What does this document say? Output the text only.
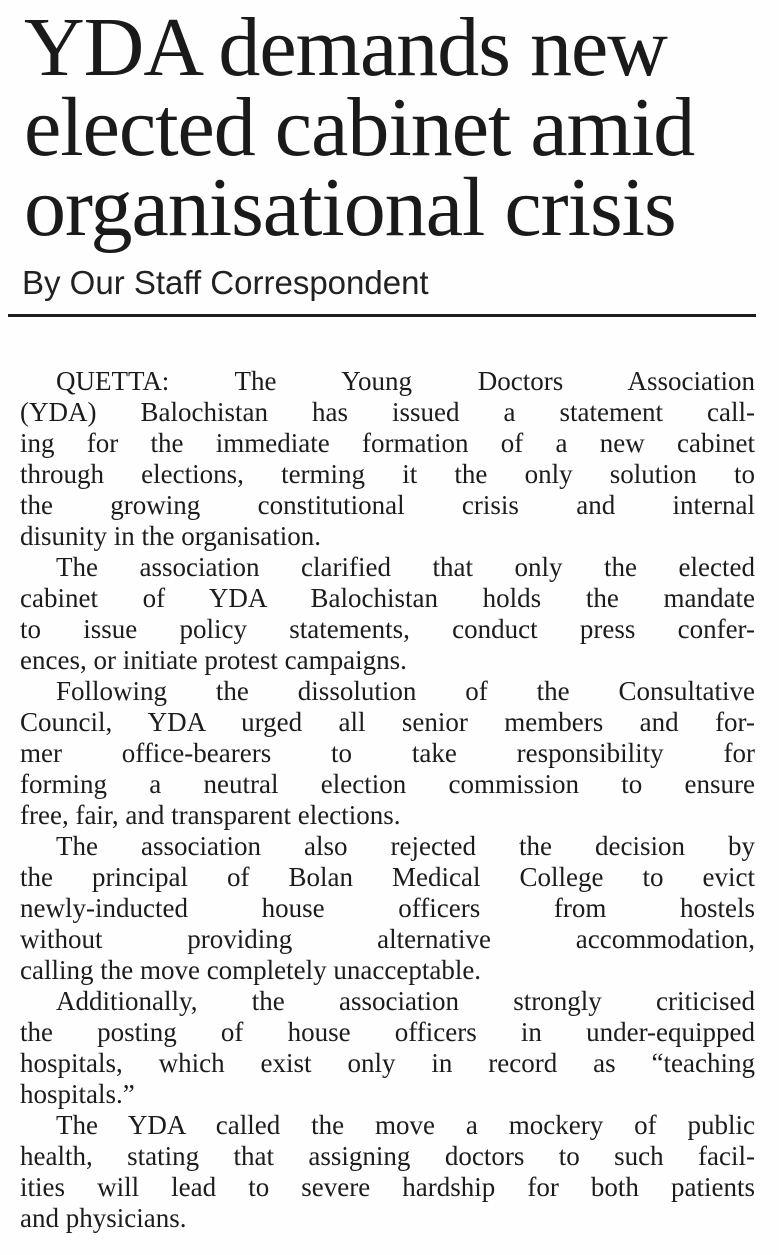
YDA demands new
elected cabinet amid
organisational crisis
By Our Staff Correspondent
QUETTA: The Young Doctors Association
(YDA) Balochistan has issued a statement call-
ing for the immediate formation of a new cabinet
through elections, terming it the only solution to
the growing constitutional crisis and internal
disunity in the organisation.
The association clarified that only the elected
cabinet of YDA Balochistan holds the mandate
to issue policy statements, conduct press confer-
ences, or initiate protest campaigns.
Following the dissolution of the Consultative
Council, YDA urged all senior members and for-
mer office-bearers to take responsibility for
forming a neutral election commission to ensure
free, fair, and transparent elections.
The association also rejected the decision by
the principal of Bolan Medical College to evict
newly-inducted house officers from hostels
without providing alternative accommodation,
calling the move completely unacceptable.
Additionally, the association strongly criticised
the posting of house officers in under-equipped
hospitals, which exist only in record as “teaching
hospitals.”
The YDA called the move a mockery of public
health, stating that assigning doctors to such facil-
ities will lead to severe hardship for both patients
and physicians.
